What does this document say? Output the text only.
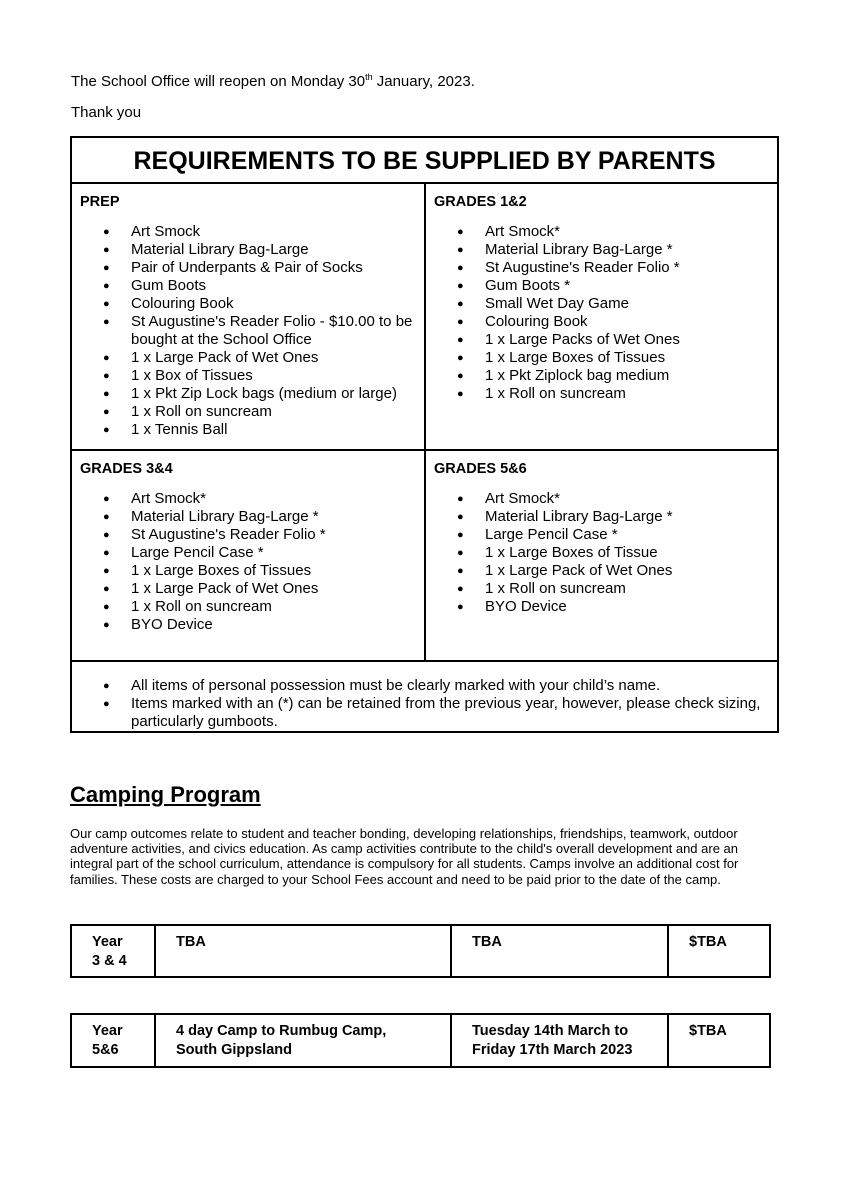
The School Office will reopen on Monday 30th January, 2023.

Thank you

REQUIREMENTS TO BE SUPPLIED BY PARENTS
PREP
● Art Smock
● Material Library Bag-Large
● Pair of Underpants & Pair of Socks
● Gum Boots
● Colouring Book
● St Augustine's Reader Folio - $10.00 to be bought at the School Office
● 1 x Large Pack of Wet Ones
● 1 x Box of Tissues
● 1 x Pkt Zip Lock bags (medium or large)
● 1 x Roll on suncream
● 1 x Tennis Ball
GRADES 1&2
● Art Smock*
● Material Library Bag-Large *
● St Augustine's Reader Folio *
● Gum Boots *
● Small Wet Day Game
● Colouring Book
● 1 x Large Packs of Wet Ones
● 1 x Large Boxes of Tissues
● 1 x Pkt Ziplock bag medium
● 1 x Roll on suncream
GRADES 3&4
● Art Smock*
● Material Library Bag-Large *
● St Augustine's Reader Folio *
● Large Pencil Case *
● 1 x Large Boxes of Tissues
● 1 x Large Pack of Wet Ones
● 1 x Roll on suncream
● BYO Device
GRADES 5&6
● Art Smock*
● Material Library Bag-Large *
● Large Pencil Case *
● 1 x Large Boxes of Tissue
● 1 x Large Pack of Wet Ones
● 1 x Roll on suncream
● BYO Device
● All items of personal possession must be clearly marked with your child’s name.
● Items marked with an (*) can be retained from the previous year, however, please check sizing, particularly gumboots.
Camping Program

Our camp outcomes relate to student and teacher bonding, developing relationships, friendships, teamwork, outdoor adventure activities, and civics education. As camp activities contribute to the child's overall development and are an integral part of the school curriculum, attendance is compulsory for all students. Camps involve an additional cost for families. These costs are charged to your School Fees account and need to be paid prior to the date of the camp.

Year 3 & 4	TBA	TBA	$TBA
Year 5&6	4 day Camp to Rumbug Camp, South Gippsland	Tuesday 14th March to Friday 17th March 2023	$TBA
